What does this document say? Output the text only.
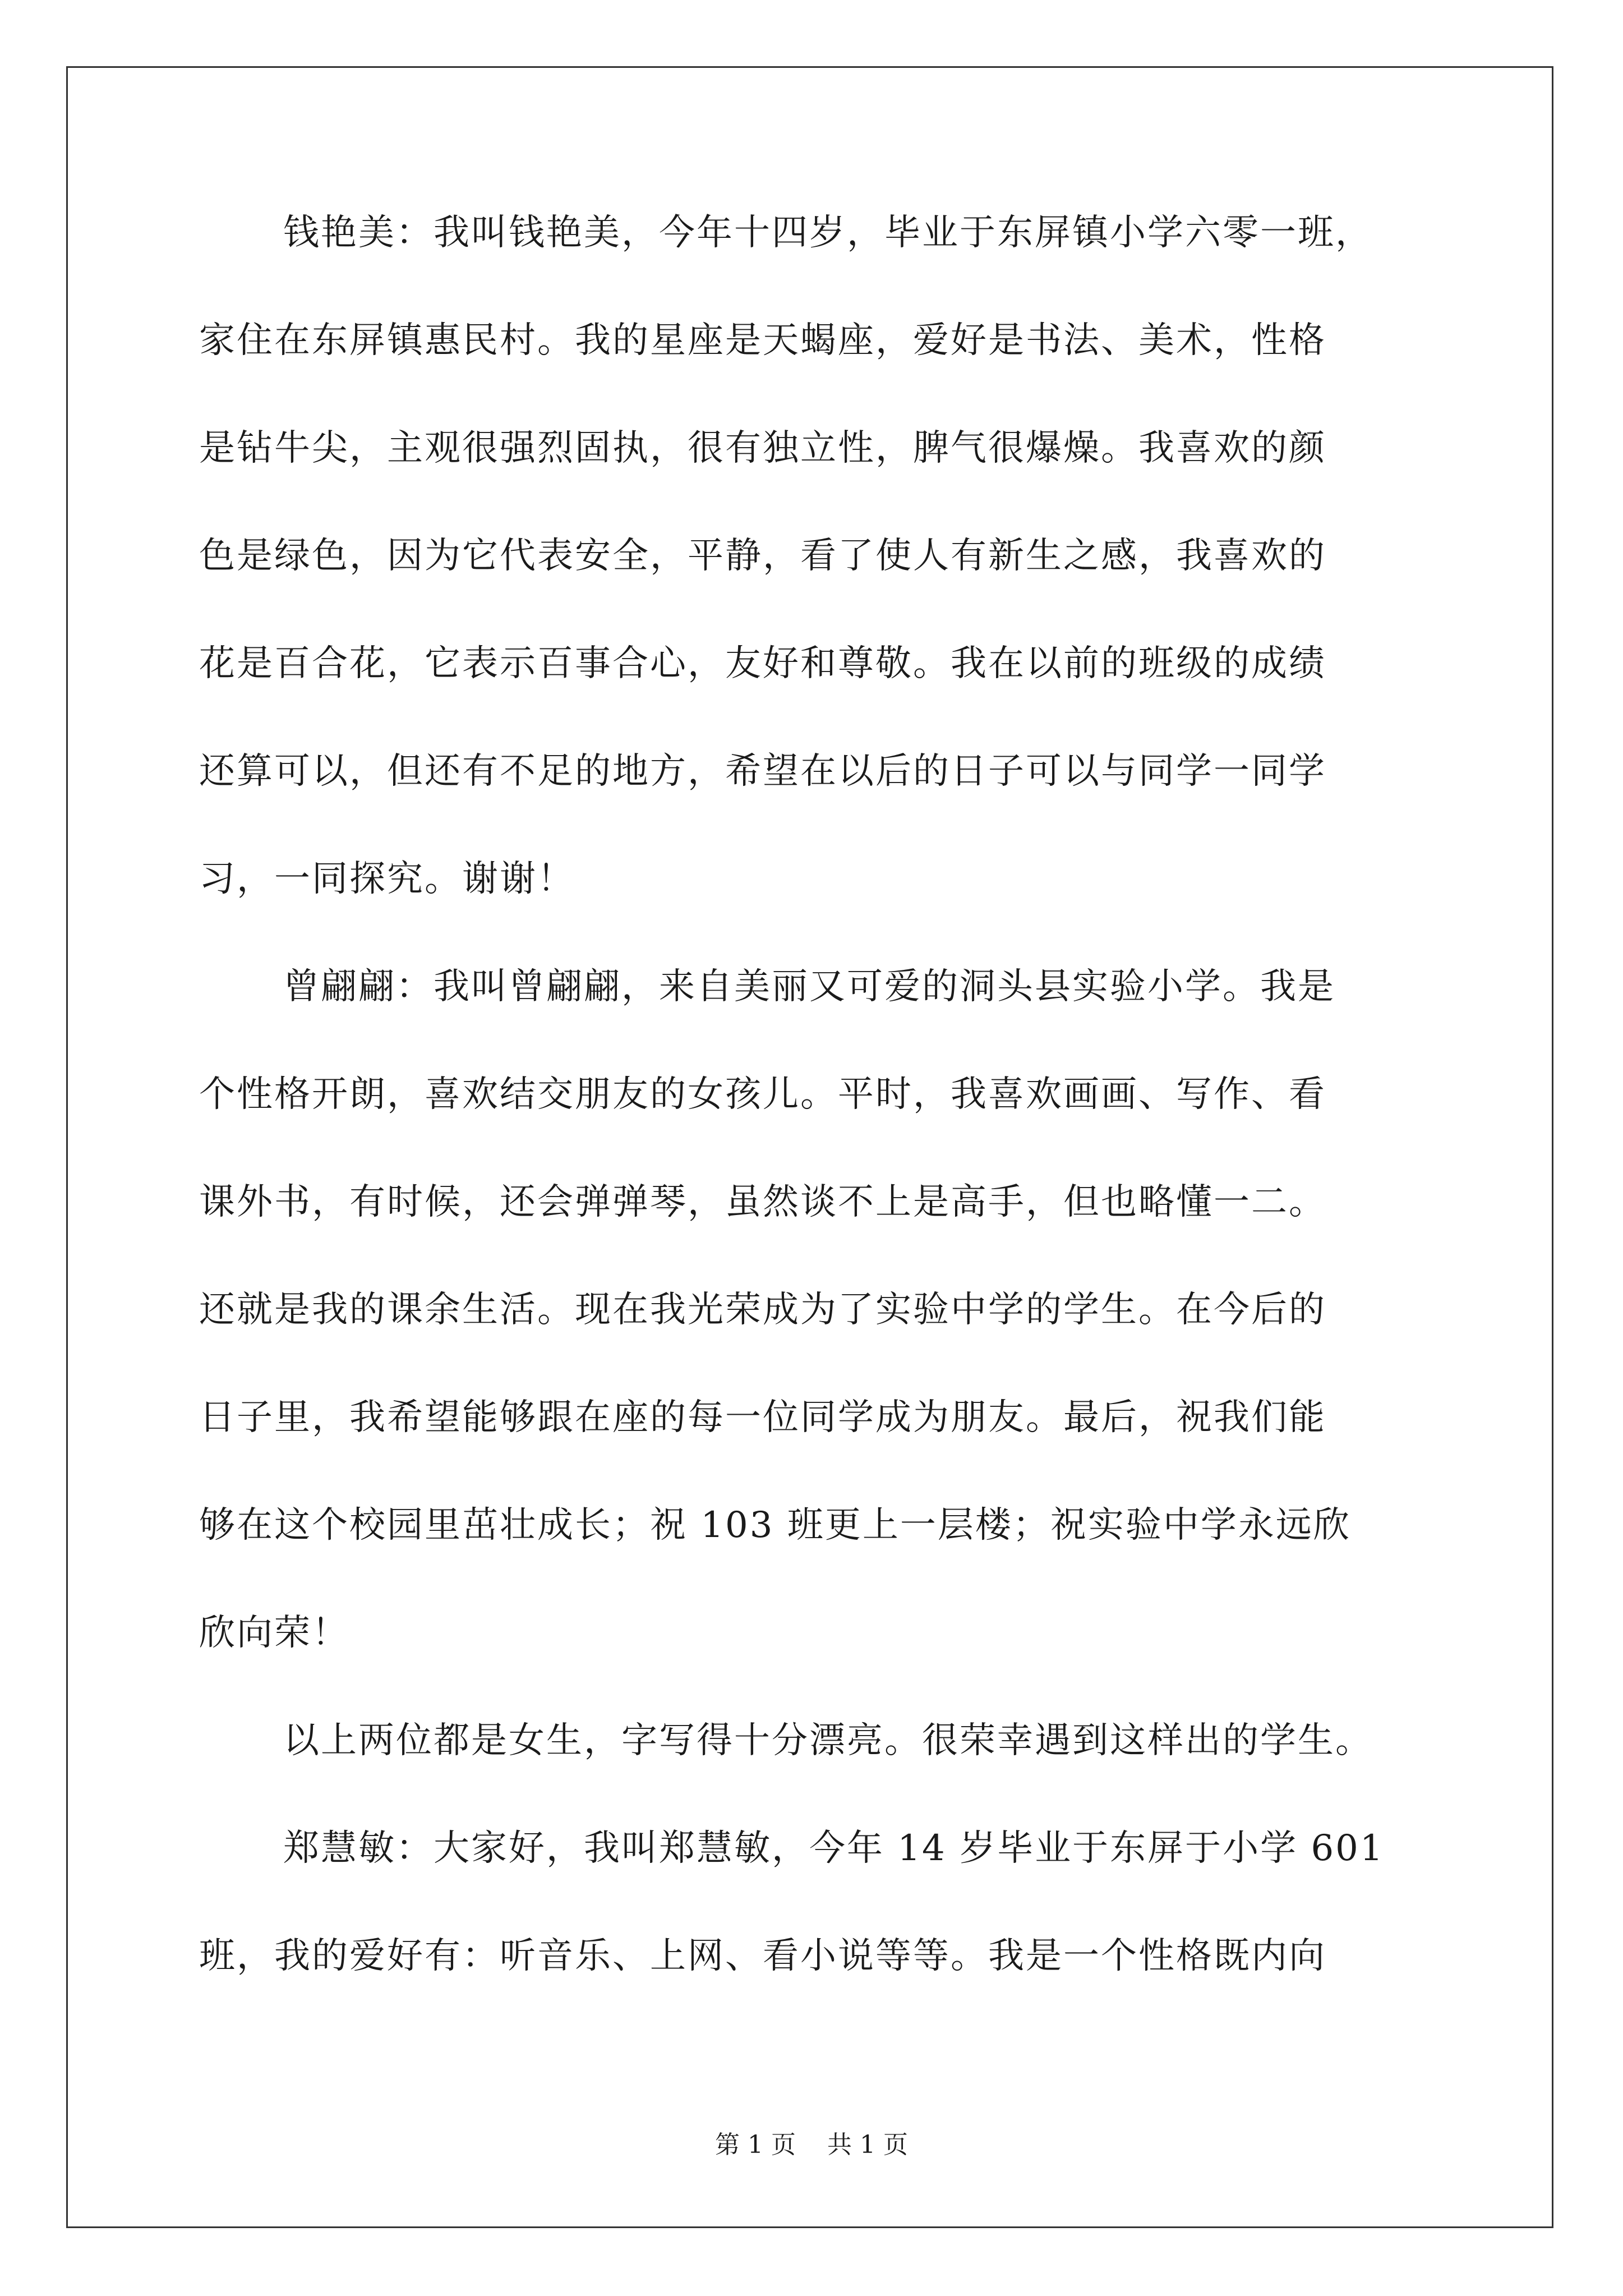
钱艳美：我叫钱艳美，今年十四岁，毕业于东屏镇小学六零一班，
家住在东屏镇惠民村。我的星座是天蝎座，爱好是书法、美术，性格
是钻牛尖，主观很强烈固执，很有独立性，脾气很爆燥。我喜欢的颜
色是绿色，因为它代表安全，平静，看了使人有新生之感，我喜欢的
花是百合花，它表示百事合心，友好和尊敬。我在以前的班级的成绩
还算可以，但还有不足的地方，希望在以后的日子可以与同学一同学
习，一同探究。谢谢！
曾翩翩：我叫曾翩翩，来自美丽又可爱的洞头县实验小学。我是
个性格开朗，喜欢结交朋友的女孩儿。平时，我喜欢画画、写作、看
课外书，有时候，还会弹弹琴，虽然谈不上是高手，但也略懂一二。
还就是我的课余生活。现在我光荣成为了实验中学的学生。在今后的
日子里，我希望能够跟在座的每一位同学成为朋友。最后，祝我们能
够在这个校园里茁壮成长；祝 103 班更上一层楼；祝实验中学永远欣
欣向荣！
以上两位都是女生，字写得十分漂亮。很荣幸遇到这样出的学生。
郑慧敏：大家好，我叫郑慧敏，今年 14 岁毕业于东屏于小学 601
班，我的爱好有：听音乐、上网、看小说等等。我是一个性格既内向
第 1 页 共 1 页
